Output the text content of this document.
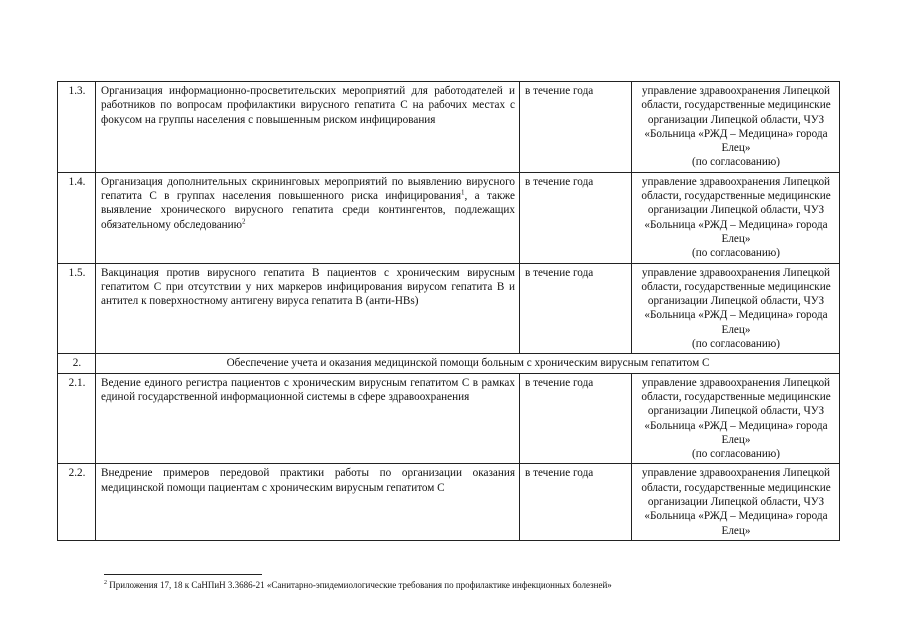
1.3.	Организация информационно-просветительских мероприятий для работодателей и работников по вопросам профилактики вирусного гепатита С на рабочих местах с фокусом на группы населения с повышенным риском инфицирования	в течение года	управление здравоохранения Липецкой области, государственные медицинские организации Липецкой области, ЧУЗ «Больница «РЖД – Медицина» города Елец»
(по согласованию)

1.4.	Организация дополнительных скрининговых мероприятий по выявлению вирусного гепатита С в группах населения повышенного риска инфицирования$^1$, а также выявление хронического вирусного гепатита среди контингентов, подлежащих обязательному обследованию$^2$	в течение года	управление здравоохранения Липецкой области, государственные медицинские организации Липецкой области, ЧУЗ «Больница «РЖД – Медицина» города Елец»
(по согласованию)

1.5.	Вакцинация против вирусного гепатита В пациентов с хроническим вирусным гепатитом С при отсутствии у них маркеров инфицирования вирусом гепатита В и антител к поверхностному антигену вируса гепатита В (анти-НВs)	в течение года	управление здравоохранения Липецкой области, государственные медицинские организации Липецкой области, ЧУЗ «Больница «РЖД – Медицина» города Елец»
(по согласованию)

2.	Обеспечение учета и оказания медицинской помощи больным с хроническим вирусным гепатитом С		
2.1.	Ведение единого регистра пациентов с хроническим вирусным гепатитом С в рамках единой государственной информационной системы в сфере здравоохранения	в течение года	управление здравоохранения Липецкой области, государственные медицинские организации Липецкой области, ЧУЗ «Больница «РЖД – Медицина» города Елец»
(по согласованию)

2.2.	Внедрение примеров передовой практики работы по организации оказания медицинской помощи пациентам с хроническим вирусным гепатитом С	в течение года	управление здравоохранения Липецкой области, государственные медицинские организации Липецкой области, ЧУЗ «Больница «РЖД – Медицина» города Елец»
$^2$ Приложения 17, 18 к СаНПиН 3.3686-21 «Санитарно-эпидемиологические требования по профилактике инфекционных болезней»
